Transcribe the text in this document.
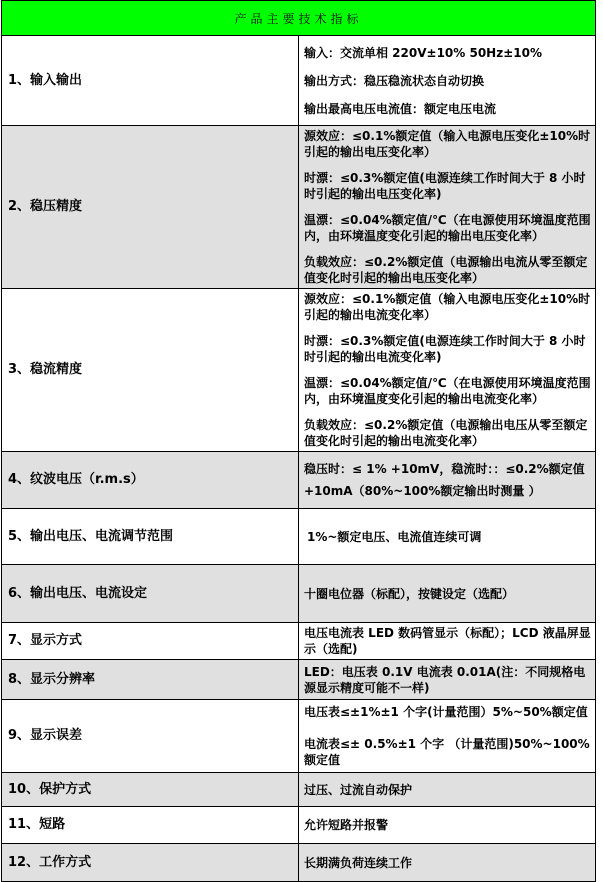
产品主要技术指标	
1、输入输出	输入：交流单相 220V±10% 50Hz±10%
输出方式：稳压稳流状态自动切换
输出最高电压电流值：额定电压电流

2、稳压精度	源效应：≤0.1%额定值（输入电源电压变化±10%时引起的输出电压变化率）
时漂：≤0.3%额定值(电源连续工作时间大于 8 小时时引起的输出电压变化率)
温漂：≤0.04%额定值/℃（在电源使用环境温度范围内，由环境温度变化引起的输出电压变化率）
负载效应：≤0.2%额定值（电源输出电流从零至额定值变化时引起的输出电压变化率）

3、稳流精度	源效应：≤0.1%额定值（输入电源电压变化±10%时引起的输出电流变化率）
时漂：≤0.3%额定值(电源连续工作时间大于 8 小时时引起的输出电流变化率)
温漂：≤0.04%额定值/℃（在电源使用环境温度范围内，由环境温度变化引起的输出电流变化率）
负载效应：≤0.2%额定值（电源输出电压从零至额定值变化时引起的输出电流变化率）

4、纹波电压（r.m.s）	稳压时：≤ 1% +10mV，稳流时：：≤0.2%额定值+10mA（80%~100%额定输出时测量 ）

5、输出电压、电流调节范围	1%~额定电压、电流值连续可调

6、输出电压、电流设定	十圈电位器（标配），按键设定（选配）

7、显示方式	电压电流表 LED 数码管显示（标配）；LCD 液晶屏显示（选配)

8、显示分辨率	LED：电压表 0.1V 电流表 0.01A(注：不同规格电源显示精度可能不一样)

9、显示误差	电压表≤±1%±1 个字(计量范围）5%~50%额定值
电流表≤± 0.5%±1 个字 （计量范围)50%~100%额定值

10、保护方式	过压、过流自动保护

11、短路	允许短路并报警

12、工作方式	长期满负荷连续工作
